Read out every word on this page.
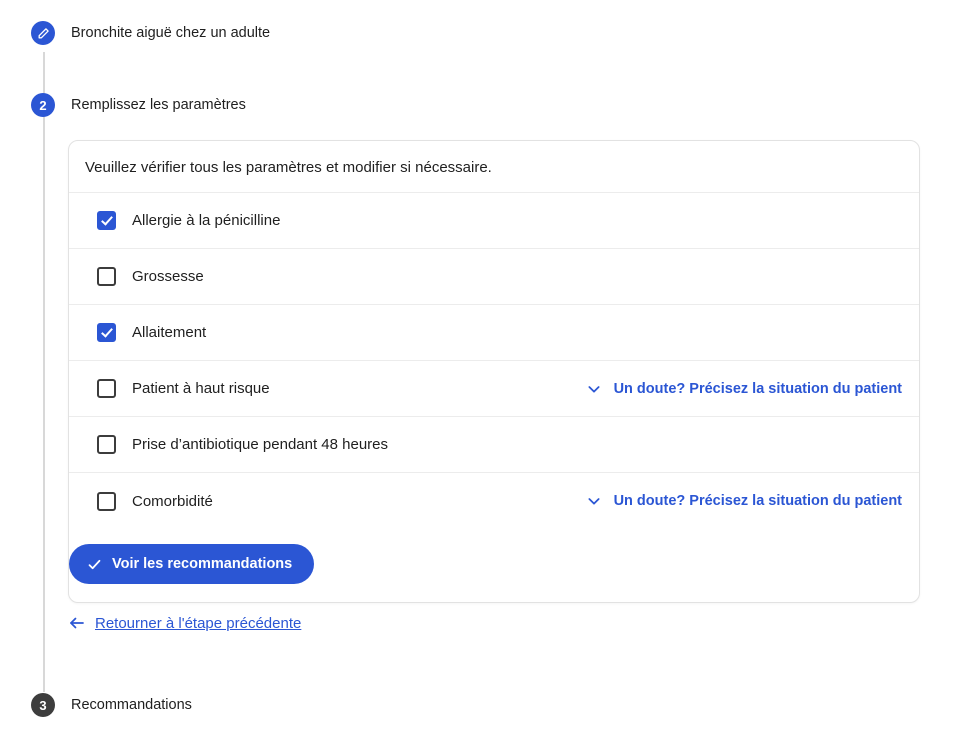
Bronchite aiguë chez un adulte
2 Remplissez les paramètres
Veuillez vérifier tous les paramètres et modifier si nécessaire.
Allergie à la pénicilline
Grossesse
Allaitement
Patient à haut risque	Un doute? Précisez la situation du patient
Prise d’antibiotique pendant 48 heures
Comorbidité	Un doute? Précisez la situation du patient
Voir les recommandations
Retourner à l'étape précédente
3 Recommandations
